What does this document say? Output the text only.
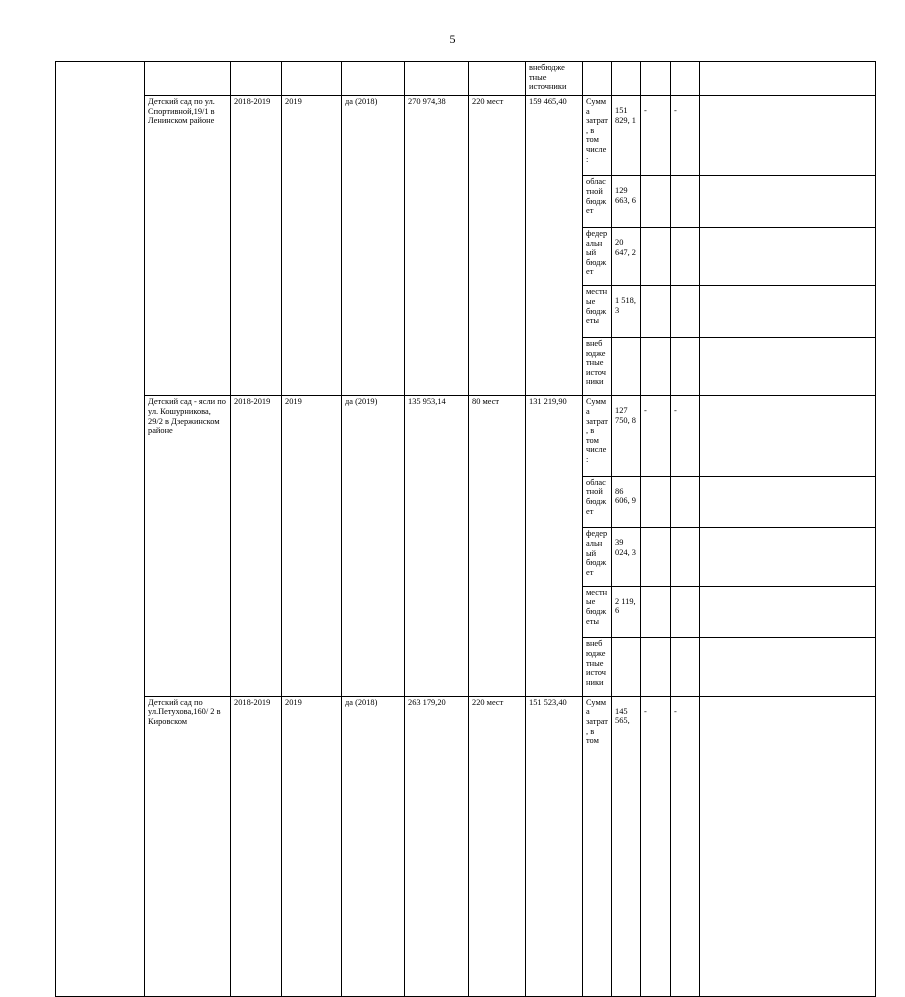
5
							внебюдже тные источники						
	Детский сад по ул. Спортивной,19/1 в Ленинском районе	2018-2019	2019	да (2018)	270 974,38	220 мест	159 465,40	Сумма затрат, в том числе:	151 829, 1	-	-		
								областной бюджет	129 663, 6				
								федеральн ый бюджет	20 647, 2				
								местные бюджеты	1 518, 3				
								внебюдже тные источники					
	Детский сад - ясли по ул. Кошурникова, 29/2 в Дзержинском районе	2018-2019	2019	да (2019)	135 953,14	80 мест	131 219,90	Сумма затрат, в том числе:	127 750, 8	-	-		
								областной бюджет	86 606, 9				
								федеральн ый бюджет	39 024, 3				
								местные бюджеты	2 119, 6				
								внебюдже тные источники					
	Детский сад по ул.Петухова,160/ 2 в Кировском	2018-2019	2019	да (2018)	263 179,20	220 мест	151 523,40	Сумма затрат, в том	145 565,	-	-		
